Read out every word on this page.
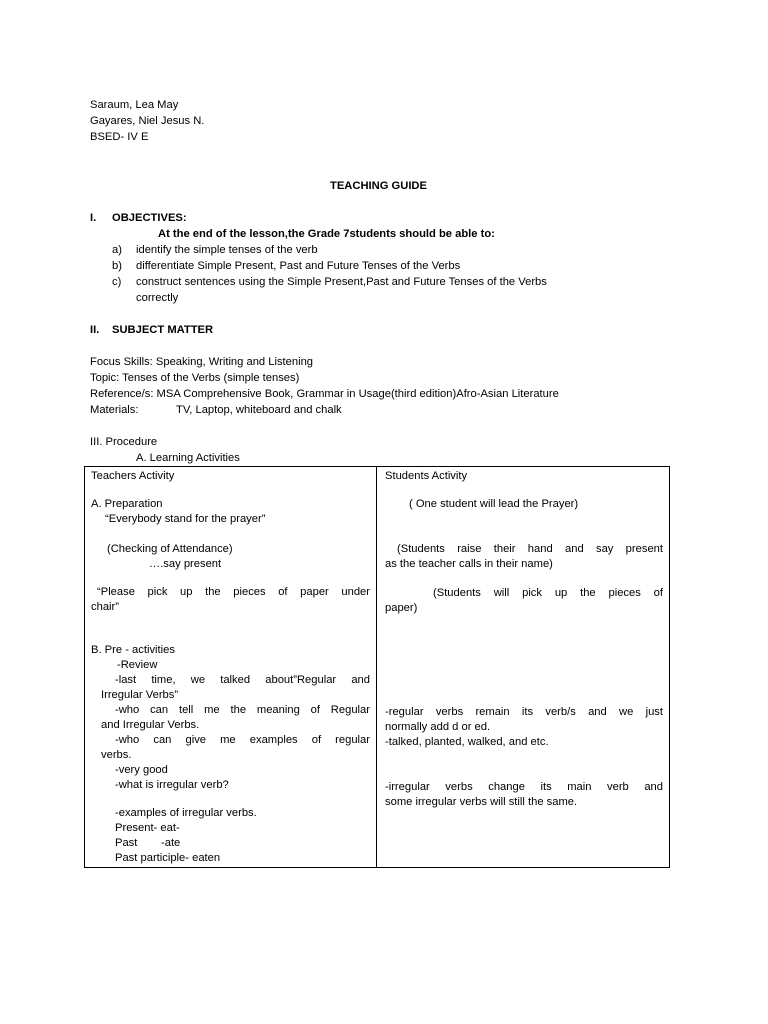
Saraum, Lea May
Gayares, Niel Jesus N.
BSED- IV E
TEACHING GUIDE
I. OBJECTIVES:
At the end of the lesson,the Grade 7students should be able to:
a) identify the simple tenses of the verb
b) differentiate Simple Present, Past and Future Tenses of the Verbs
c) construct sentences using the Simple Present,Past and Future Tenses of the Verbs
correctly
II. SUBJECT MATTER
Focus Skills: Speaking, Writing and Listening
Topic: Tenses of the Verbs (simple tenses)
Reference/s: MSA Comprehensive Book, Grammar in Usage(third edition)Afro-Asian Literature
Materials:	TV, Laptop, whiteboard and chalk
III. Procedure
A. Learning Activities
Teachers Activity
A. Preparation
“Everybody stand for the prayer”
(Checking of Attendance)
….say present
“Please pick up the pieces of paper under
chair”
B. Pre - activities
-Review
-last time, we talked about”Regular and
Irregular Verbs”
-who can tell me the meaning of Regular
and Irregular Verbs.
-who can give me examples of regular
verbs.
-very good
-what is irregular verb?
-examples of irregular verbs.
Present- eat-
Past -ate
Past participle- eaten
Students Activity
( One student will lead the Prayer)
(Students raise their hand and say present
as the teacher calls in their name)
(Students will pick up the pieces of
paper)
-regular verbs remain its verb/s and we just
normally add d or ed.
-talked, planted, walked, and etc.
-irregular verbs change its main verb and
some irregular verbs will still the same.
